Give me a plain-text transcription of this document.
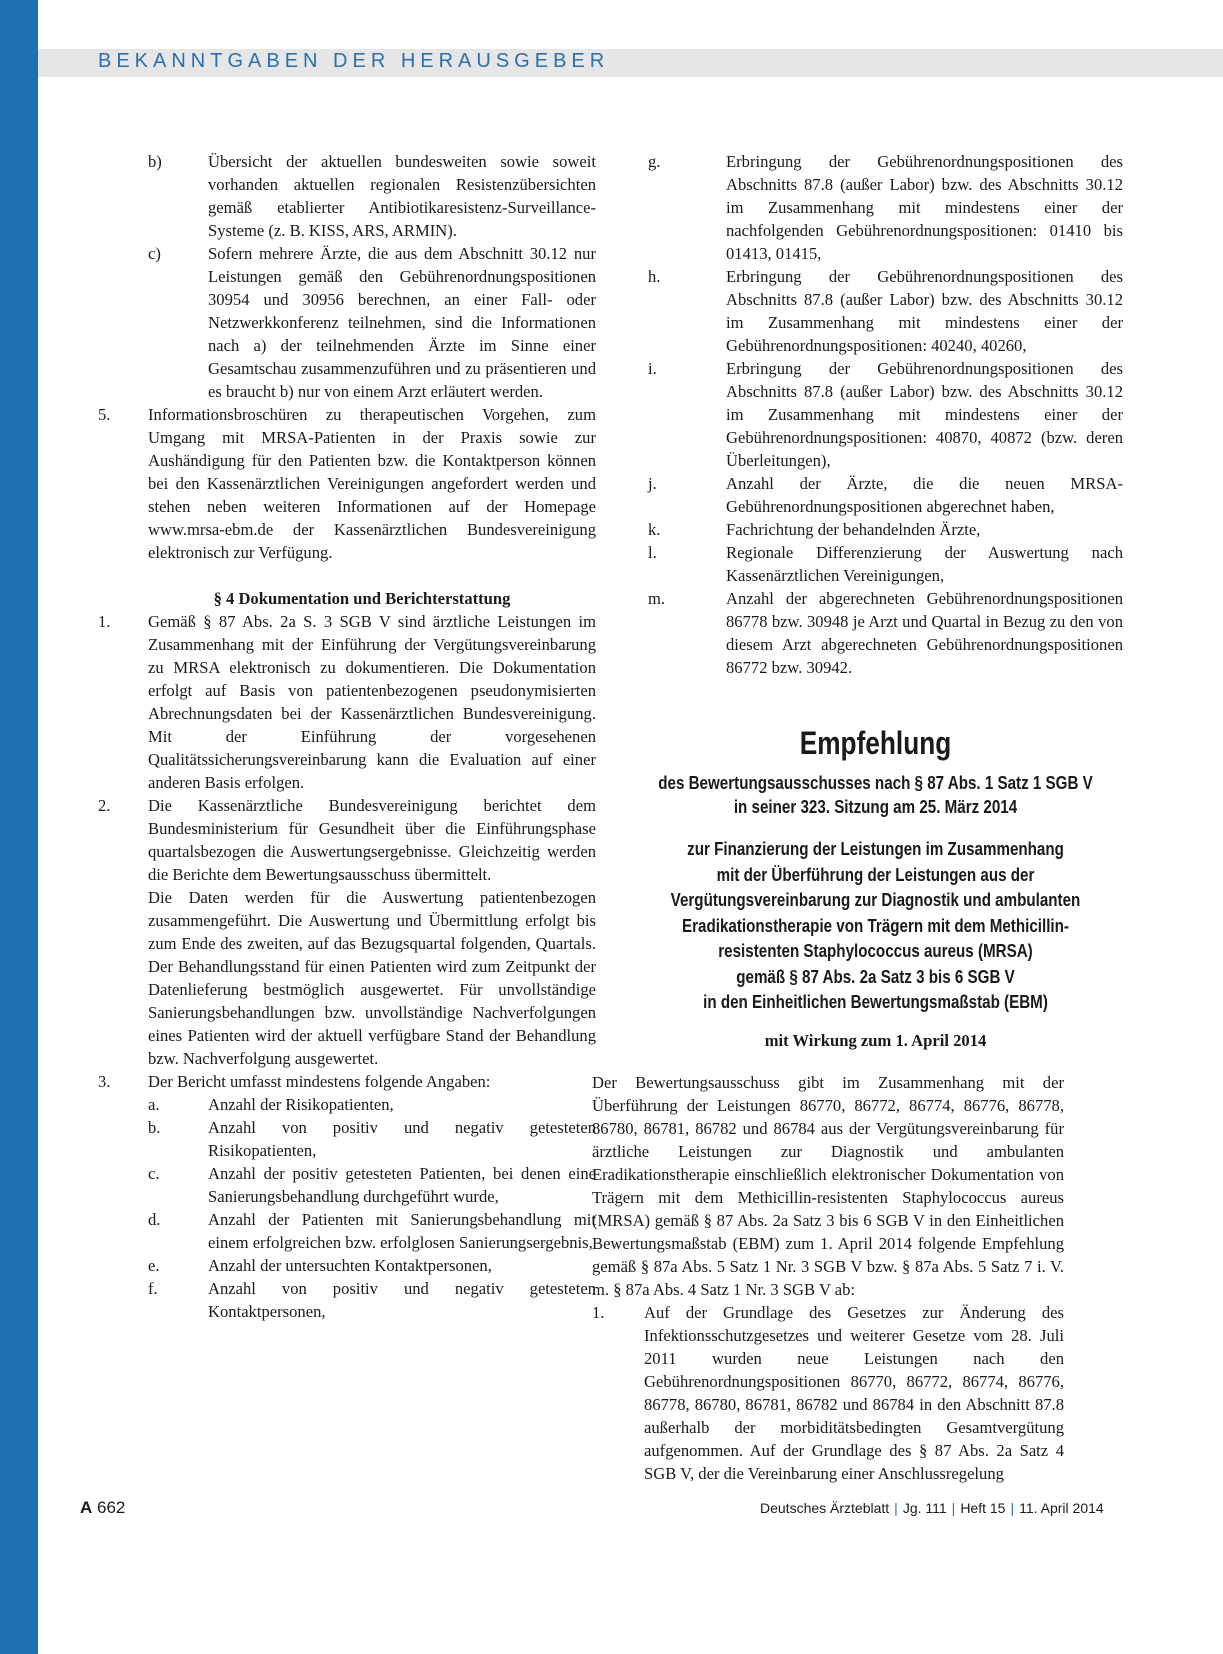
BEKANNTGABEN DER HERAUSGEBER
b)	Übersicht der aktuellen bundesweiten sowie soweit vorhanden aktuellen regionalen Resistenzübersichten gemäß etablierter Antibiotikaresistenz-Surveillance-Systeme (z. B. KISS, ARS, ARMIN).
c)	Sofern mehrere Ärzte, die aus dem Abschnitt 30.12 nur Leistungen gemäß den Gebührenordnungspositionen 30954 und 30956 berechnen, an einer Fall- oder Netzwerkkonferenz teilnehmen, sind die Informationen nach a) der teilnehmenden Ärzte im Sinne einer Gesamtschau zusammenzuführen und zu präsentieren und es braucht b) nur von einem Arzt erläutert werden.
5.	Informationsbroschüren zu therapeutischen Vorgehen, zum Umgang mit MRSA-Patienten in der Praxis sowie zur Aushändigung für den Patienten bzw. die Kontaktperson können bei den Kassenärztlichen Vereinigungen angefordert werden und stehen neben weiteren Informationen auf der Homepage www.mrsa-ebm.de der Kassenärztlichen Bundesvereinigung elektronisch zur Verfügung.
§ 4 Dokumentation und Berichterstattung
1.	Gemäß § 87 Abs. 2a S. 3 SGB V sind ärztliche Leistungen im Zusammenhang mit der Einführung der Vergütungsvereinbarung zu MRSA elektronisch zu dokumentieren. Die Dokumentation erfolgt auf Basis von patientenbezogenen pseudonymisierten Abrechnungsdaten bei der Kassenärztlichen Bundesvereinigung. Mit der Einführung der vorgesehenen Qualitätssicherungsvereinbarung kann die Evaluation auf einer anderen Basis erfolgen.
2.	Die Kassenärztliche Bundesvereinigung berichtet dem Bundesministerium für Gesundheit über die Einführungsphase quartalsbezogen die Auswertungsergebnisse. Gleichzeitig werden die Berichte dem Bewertungsausschuss übermittelt.
Die Daten werden für die Auswertung patientenbezogen zusammengeführt. Die Auswertung und Übermittlung erfolgt bis zum Ende des zweiten, auf das Bezugsquartal folgenden, Quartals. Der Behandlungsstand für einen Patienten wird zum Zeitpunkt der Datenlieferung bestmöglich ausgewertet. Für unvollständige Sanierungsbehandlungen bzw. unvollständige Nachverfolgungen eines Patienten wird der aktuell verfügbare Stand der Behandlung bzw. Nachverfolgung ausgewertet.
3.	Der Bericht umfasst mindestens folgende Angaben:
a.	Anzahl der Risikopatienten,
b.	Anzahl von positiv und negativ getesteten Risikopatienten,
c.	Anzahl der positiv getesteten Patienten, bei denen eine Sanierungsbehandlung durchgeführt wurde,
d.	Anzahl der Patienten mit Sanierungsbehandlung mit einem erfolgreichen bzw. erfolglosen Sanierungsergebnis,
e.	Anzahl der untersuchten Kontaktpersonen,
f.	Anzahl von positiv und negativ getesteten Kontaktpersonen,
g.	Erbringung der Gebührenordnungspositionen des Abschnitts 87.8 (außer Labor) bzw. des Abschnitts 30.12 im Zusammenhang mit mindestens einer der nachfolgenden Gebührenordnungspositionen: 01410 bis 01413, 01415,
h.	Erbringung der Gebührenordnungspositionen des Abschnitts 87.8 (außer Labor) bzw. des Abschnitts 30.12 im Zusammenhang mit mindestens einer der Gebührenordnungspositionen: 40240, 40260,
i.	Erbringung der Gebührenordnungspositionen des Abschnitts 87.8 (außer Labor) bzw. des Abschnitts 30.12 im Zusammenhang mit mindestens einer der Gebührenordnungspositionen: 40870, 40872 (bzw. deren Überleitungen),
j.	Anzahl der Ärzte, die die neuen MRSA-Gebührenordnungspositionen abgerechnet haben,
k.	Fachrichtung der behandelnden Ärzte,
l.	Regionale Differenzierung der Auswertung nach Kassenärztlichen Vereinigungen,
m.	Anzahl der abgerechneten Gebührenordnungspositionen 86778 bzw. 30948 je Arzt und Quartal in Bezug zu den von diesem Arzt abgerechneten Gebührenordnungspositionen 86772 bzw. 30942.
Empfehlung
des Bewertungsausschusses nach § 87 Abs. 1 Satz 1 SGB V
in seiner 323. Sitzung am 25. März 2014
zur Finanzierung der Leistungen im Zusammenhang
mit der Überführung der Leistungen aus der
Vergütungsvereinbarung zur Diagnostik und ambulanten
Eradikationstherapie von Trägern mit dem Methicillin-
resistenten Staphylococcus aureus (MRSA)
gemäß § 87 Abs. 2a Satz 3 bis 6 SGB V
in den Einheitlichen Bewertungsmaßstab (EBM)
mit Wirkung zum 1. April 2014
Der Bewertungsausschuss gibt im Zusammenhang mit der Überführung der Leistungen 86770, 86772, 86774, 86776, 86778, 86780, 86781, 86782 und 86784 aus der Vergütungsvereinbarung für ärztliche Leistungen zur Diagnostik und ambulanten Eradikationstherapie einschließlich elektronischer Dokumentation von Trägern mit dem Methicillin-resistenten Staphylococcus aureus (MRSA) gemäß § 87 Abs. 2a Satz 3 bis 6 SGB V in den Einheitlichen Bewertungsmaßstab (EBM) zum 1. April 2014 folgende Empfehlung gemäß § 87a Abs. 5 Satz 1 Nr. 3 SGB V bzw. § 87a Abs. 5 Satz 7 i. V. m. § 87a Abs. 4 Satz 1 Nr. 3 SGB V ab:
1.	Auf der Grundlage des Gesetzes zur Änderung des Infektionsschutzgesetzes und weiterer Gesetze vom 28. Juli 2011 wurden neue Leistungen nach den Gebührenordnungspositionen 86770, 86772, 86774, 86776, 86778, 86780, 86781, 86782 und 86784 in den Abschnitt 87.8 außerhalb der morbiditätsbedingten Gesamtvergütung aufgenommen. Auf der Grundlage des § 87 Abs. 2a Satz 4 SGB V, der die Vereinbarung einer Anschlussregelung
A 662	Deutsches Ärzteblatt | Jg. 111 | Heft 15 | 11. April 2014
